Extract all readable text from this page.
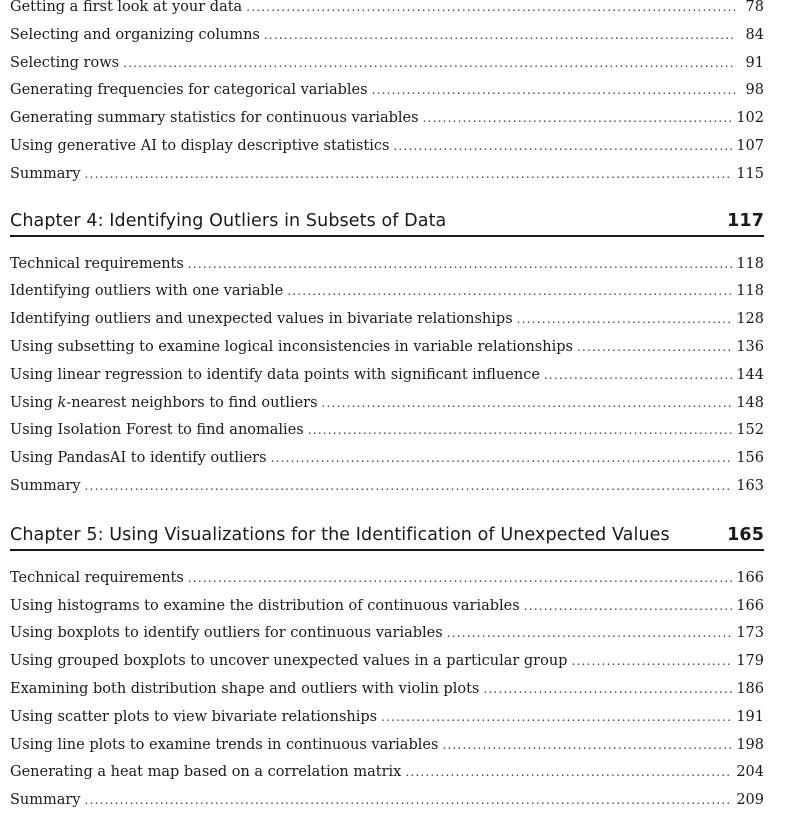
Getting a first look at your data .....	78
Selecting and organizing columns .....	84
Selecting rows .....	91
Generating frequencies for categorical variables .....	98
Generating summary statistics for continuous variables .....	102
Using generative AI to display descriptive statistics .....	107
Summary .....	115
Chapter 4: Identifying Outliers in Subsets of Data	117
Technical requirements .....	118
Identifying outliers with one variable .....	118
Identifying outliers and unexpected values in bivariate relationships .....	128
Using subsetting to examine logical inconsistencies in variable relationships .....	136
Using linear regression to identify data points with significant influence .....	144
Using k-nearest neighbors to find outliers .....	148
Using Isolation Forest to find anomalies .....	152
Using PandasAI to identify outliers .....	156
Summary .....	163
Chapter 5: Using Visualizations for the Identification of Unexpected Values	165
Technical requirements .....	166
Using histograms to examine the distribution of continuous variables .....	166
Using boxplots to identify outliers for continuous variables .....	173
Using grouped boxplots to uncover unexpected values in a particular group .....	179
Examining both distribution shape and outliers with violin plots .....	186
Using scatter plots to view bivariate relationships .....	191
Using line plots to examine trends in continuous variables .....	198
Generating a heat map based on a correlation matrix .....	204
Summary .....	209
